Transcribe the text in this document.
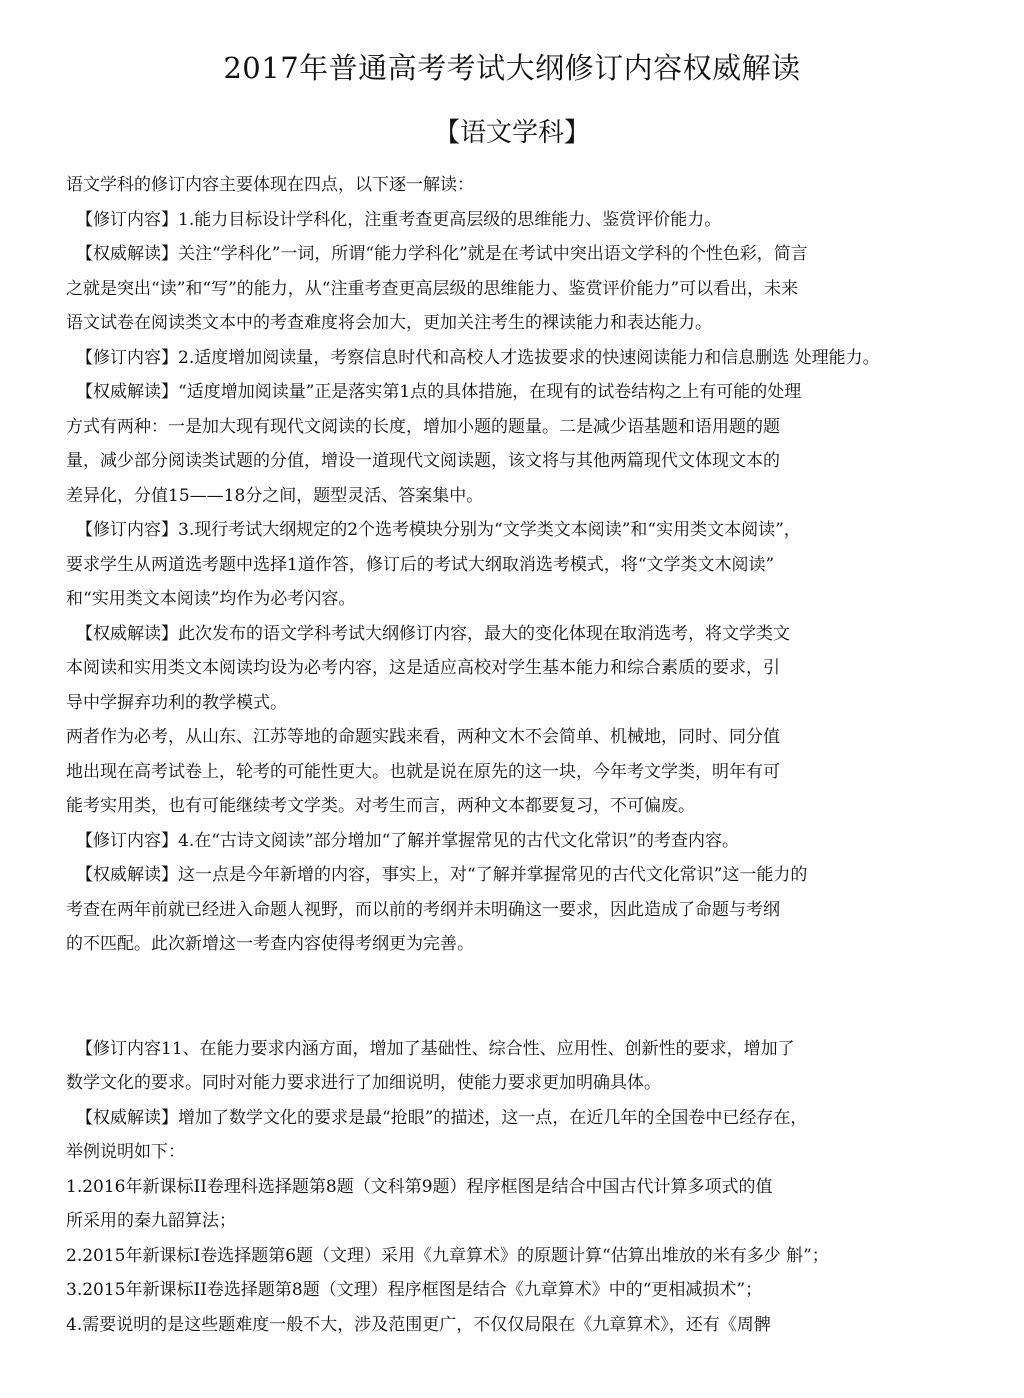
2017年普通高考考试大纲修订内容权威解读
【语文学科】

语文学科的修订内容主要体现在四点，以下逐一解读：

【修订内容】1.能力目标设计学科化，注重考查更高层级的思维能力、鉴赏评价能力。

【权威解读】关注“学科化”一词，所谓“能力学科化”就是在考试中突出语文学科的个性色彩，简言

之就是突出“读”和“写”的能力，从“注重考查更高层级的思维能力、鉴赏评价能力”可以看出，未来

语文试卷在阅读类文本中的考查难度将会加大，更加关注考生的裸读能力和表达能力。

【修订内容】2.适度增加阅读量，考察信息时代和高校人才选拔要求的快速阅读能力和信息删选 处理能力。

【权威解读】“适度增加阅读量”正是落实第1点的具体措施，在现有的试卷结构之上有可能的处理

方式有两种：一是加大现有现代文阅读的长度，增加小题的题量。二是减少语基题和语用题的题

量，减少部分阅读类试题的分值，增设一道现代文阅读题，该文将与其他两篇现代文体现文本的

差异化，分值15——18分之间，题型灵活、答案集中。

【修订内容】3.现行考试大纲规定的2个选考模块分别为“文学类文本阅读”和“实用类文本阅读”，

要求学生从两道选考题中选择1道作答，修订后的考试大纲取消选考模式，将“文学类文木阅读”

和“实用类文本阅读”均作为必考闪容。

【权威解读】此次发布的语文学科考试大纲修订内容，最大的变化体现在取消选考，将文学类文

本阅读和实用类文本阅读均设为必考内容，这是适应高校对学生基本能力和综合素质的要求，引

导中学摒弃功利的教学模式。

两者作为必考，从山东、江苏等地的命题实践来看，两种文木不会简单、机械地，同时、同分值

地出现在高考试卷上，轮考的可能性更大。也就是说在原先的这一块，今年考文学类，明年有可

能考实用类，也有可能继续考文学类。对考生而言，两种文本都要复习，不可偏废。

【修订内容】4.在“古诗文阅读”部分增加“了解并掌握常见的古代文化常识”的考查内容。

【权威解读】这一点是今年新增的内容，事实上，对“了解并掌握常见的古代文化常识”这一能力的

考查在两年前就已经进入命题人视野，而以前的考纲并未明确这一要求，因此造成了命题与考纲

的不匹配。此次新增这一考查内容使得考纲更为完善。

【修订内容11、在能力要求内涵方面，增加了基础性、综合性、应用性、创新性的要求，增加了

数学文化的要求。同时对能力要求进行了加细说明，使能力要求更加明确具体。

【权威解读】增加了数学文化的要求是最“抢眼”的描述，这一点，在近几年的全国卷中已经存在，

举例说明如下：

1.2016年新课标II卷理科选择题第8题（文科第9题）程序框图是结合中国古代计算多项式的值

所采用的秦九韶算法；

2.2015年新课标I卷选择题第6题（文理）采用《九章算术》的原题计算“估算出堆放的米有多少 斛”；

3.2015年新课标II卷选择题第8题（文理）程序框图是结合《九章算术》中的“更相减损术”；

4.需要说明的是这些题难度一般不大，涉及范围更广，不仅仅局限在《九章算术》，还有《周髀
